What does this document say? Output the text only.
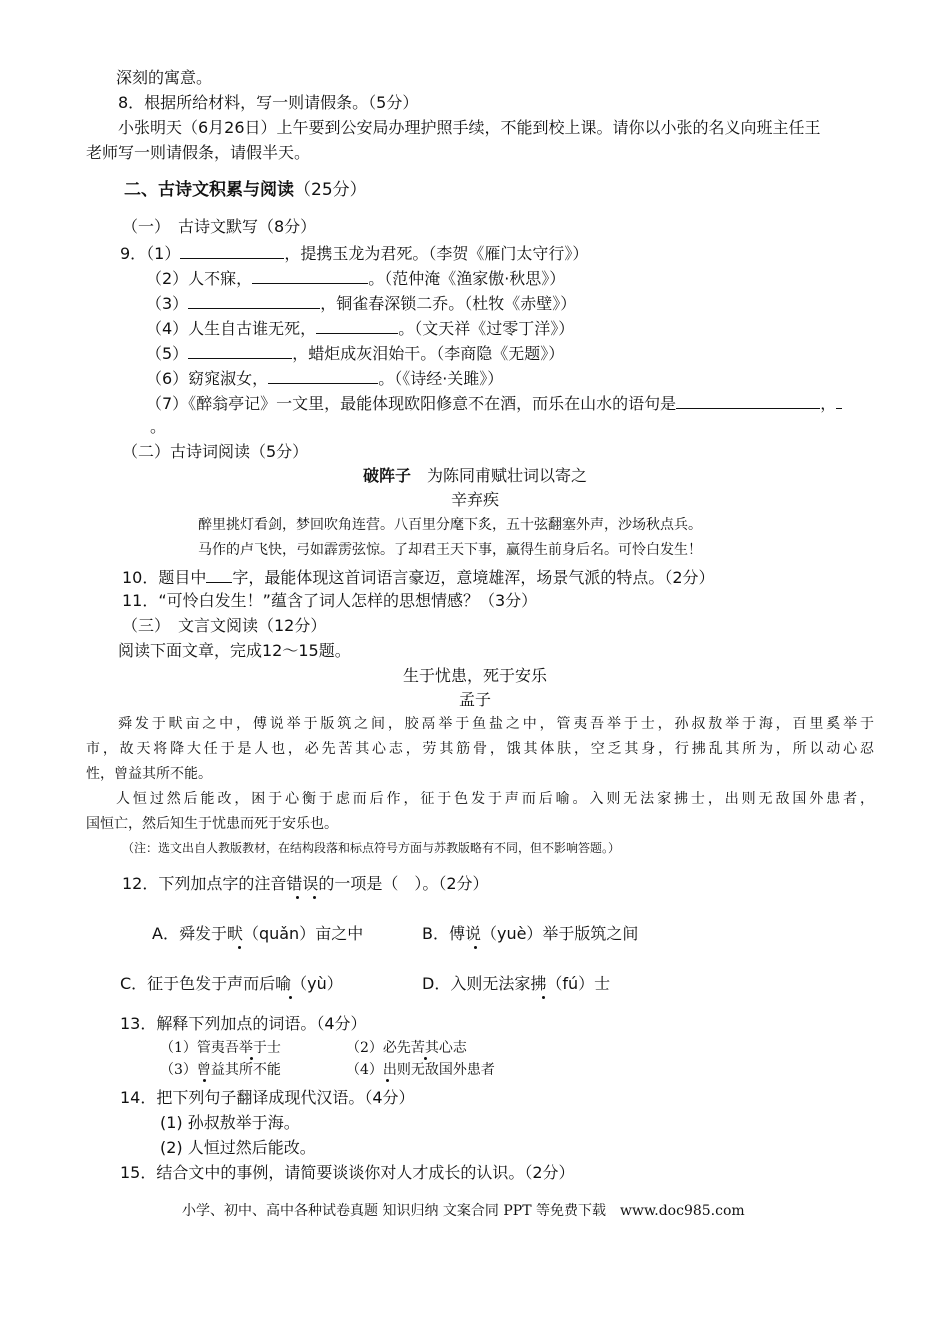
深刻的寓意。
8．根据所给材料，写一则请假条。（5分）
小张明天（6月26日）上午要到公安局办理护照手续，不能到校上课。请你以小张的名义向班主任王
老师写一则请假条，请假半天。
二、古诗文积累与阅读（25分）
（一）　古诗文默写（8分）
9．（1）	，提携玉龙为君死。（李贺《雁门太守行》）
（2）人不寐，	。（范仲淹《渔家傲·秋思》）
（3）	，铜雀春深锁二乔。（杜牧《赤壁》）
（4）人生自古谁无死，	。（文天祥《过零丁洋》）
（5）	，蜡炬成灰泪始干。（李商隐《无题》）
（6）窈窕淑女，	。（《诗经·关雎》）
（7）《醉翁亭记》一文里，最能体现欧阳修意不在酒，而乐在山水的语句是	，
。
（二）古诗词阅读（5分）
破阵子　 为陈同甫赋壮词以寄之
辛弃疾
醉里挑灯看剑，梦回吹角连营。八百里分麾下炙，五十弦翻塞外声，沙场秋点兵。
马作的卢飞快，弓如霹雳弦惊。了却君王天下事，赢得生前身后名。可怜白发生！
10．题目中 字，最能体现这首词语言豪迈，意境雄浑，场景气派的特点。（2分）
11．“可怜白发生！”蕴含了词人怎样的思想情感？（3分）
（三）　文言文阅读（12分）
阅读下面文章，完成12～15题。
生于忧患，死于安乐
孟子
舜发于畎亩之中，傅说举于版筑之间，胶鬲举于鱼盐之中，管夷吾举于士，孙叔敖举于海，百里奚举于
市，故天将降大任于是人也，必先苦其心志，劳其筋骨，饿其体肤，空乏其身，行拂乱其所为，所以动心忍
性，曾益其所不能。
人恒过然后能改，困于心衡于虑而后作，征于色发于声而后喻。入则无法家拂士，出则无敌国外患者，
国恒亡，然后知生于忧患而死于安乐也。
（注：选文出自人教版教材，在结构段落和标点符号方面与苏教版略有不同，但不影响答题。）
12．下列加点字的注音错误的一项是（　）。（2分）
A．舜发于畎（quǎn）亩之中	B．傅说（yuè）举于版筑之间
C．征于色发于声而后喻（yù）	D．入则无法家拂（fú）士
13．解释下列加点的词语。（4分）
（1）管夷吾举于士	（2）必先苦其心志
（3）曾益其所不能	（4）出则无敌国外患者
14．把下列句子翻译成现代汉语。（4分）
(1) 孙叔敖举于海。
(2) 人恒过然后能改。
15．结合文中的事例，请简要谈谈你对人才成长的认识。（2分）
小学、初中、高中各种试卷真题 知识归纳 文案合同 PPT 等免费下载　www.doc985.com
